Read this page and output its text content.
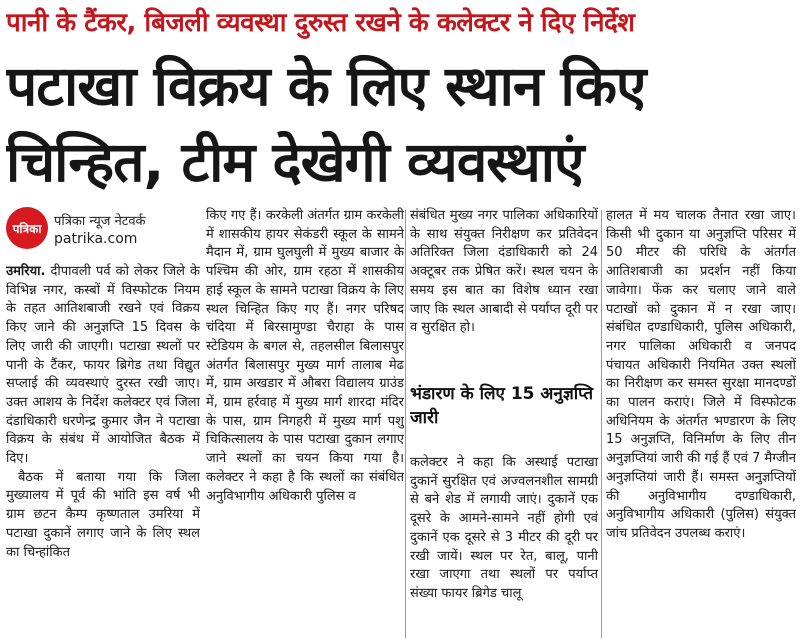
पानी के टैंकर, बिजली व्यवस्था दुरुस्त रखने के कलेक्टर ने दिए निर्देश
पटाखा विक्रय के लिए स्थान किए
चिन्हित, टीम देखेगी व्यवस्थाएं
पत्रिका पत्रिका न्यूज नेटवर्क
patrika.com

उमरिया. दीपावली पर्व को लेकर जिले के विभिन्न नगर, कस्बों में विस्फोटक नियम के तहत आतिशबाजी रखने एवं विक्रय किए जाने की अनुज्ञप्ति 15 दिवस के लिए जारी की जाएगी। पटाखा स्थलों पर पानी के टैंकर, फायर ब्रिगेड तथा विद्युत सप्लाई की व्यवस्थाएं दुरस्त रखी जाए। उक्त आशय के निर्देश कलेक्टर एवं जिला दंडाधिकारी धरणेन्द्र कुमार जैन ने पटाखा विक्रय के संबंध में आयोजित बैठक में दिए।

बैठक में बताया गया कि जिला मुख्यालय में पूर्व की भांति इस वर्ष भी ग्राम छटन कैम्प कृष्णताल उमरिया में पटाखा दुकानें लगाए जाने के लिए स्थल का चिन्हांकित

किए गए हैं। करकेली अंतर्गत ग्राम करकेली में शासकीय हायर सेकंडरी स्कूल के सामने मैदान में, ग्राम घुलघुली में मुख्य बाजार के पश्चिम की ओर, ग्राम रहठा में शासकीय हाई स्कूल के सामने पटाखा विक्रय के लिए स्थल चिन्हित किए गए हैं। नगर परिषद चंदिया में बिरसामुण्डा चैराहा के पास स्टेडियम के बगल से, तहलसील बिलासपुर अंतर्गत बिलासपुर मुख्य मार्ग तालाब मेढ में, ग्राम अखडार में औबरा विद्यालय ग्राउंड में, ग्राम हर्रवाह में मुख्य मार्ग शारदा मंदिर के पास, ग्राम निगहरी में मुख्य मार्ग पशु चिकित्सालय के पास पटाखा दुकान लगाए जाने स्थलों का चयन किया गया है। कलेक्टर ने कहा है कि स्थलों का संबंधित अनुविभागीय अधिकारी पुलिस व

संबंधित मुख्य नगर पालिका अधिकारियों के साथ संयुक्त निरीक्षण कर प्रतिवेदन अतिरिक्त जिला दंडाधिकारी को 24 अक्टूबर तक प्रेषित करें। स्थल चयन के समय इस बात का विशेष ध्यान रखा जाए कि स्थल आबादी से पर्याप्त दूरी पर व सुरक्षित हो।

भंडारण के लिए 15 अनुज्ञप्ति जारी

कलेक्टर ने कहा कि अस्थाई पटाखा दुकानें सुरक्षित एवं अज्वलनशील सामग्री से बने शेड में लगायी जाएं। दुकानें एक दूसरे के आमने-सामने नहीं होगी एवं दुकानें एक दूसरे से 3 मीटर की दूरी पर रखी जायें। स्थल पर रेत, बालू, पानी रखा जाएगा तथा स्थलों पर पर्याप्त संख्या फायर ब्रिगेड चालू

हालत में मय चालक तैनात रखा जाए। किसी भी दुकान या अनुज्ञप्ति परिसर में 50 मीटर की परिधि के अंतर्गत आतिशबाजी का प्रदर्शन नहीं किया जावेगा। फेंक कर चलाए जाने वाले पटाखों को दुकान में न रखा जाए। संबंधित दण्डाधिकारी, पुलिस अधिकारी, नगर पालिका अधिकारी व जनपद पंचायत अधिकारी नियमित उक्त स्थलों का निरीक्षण कर समस्त सुरक्षा मानदण्डों का पालन कराएं। जिले में विस्फोटक अधिनियम के अंतर्गत भण्डारण के लिए 15 अनुज्ञप्ति, विनिर्माण के लिए तीन अनुज्ञप्तियां जारी की गई हैं एवं 7 मैग्जीन अनुज्ञप्तियां जारी हैं। समस्त अनुज्ञप्तियों की अनुविभागीय दण्डाधिकारी, अनुविभागीय अधिकारी (पुलिस) संयुक्त जांच प्रतिवेदन उपलब्ध कराएं।
